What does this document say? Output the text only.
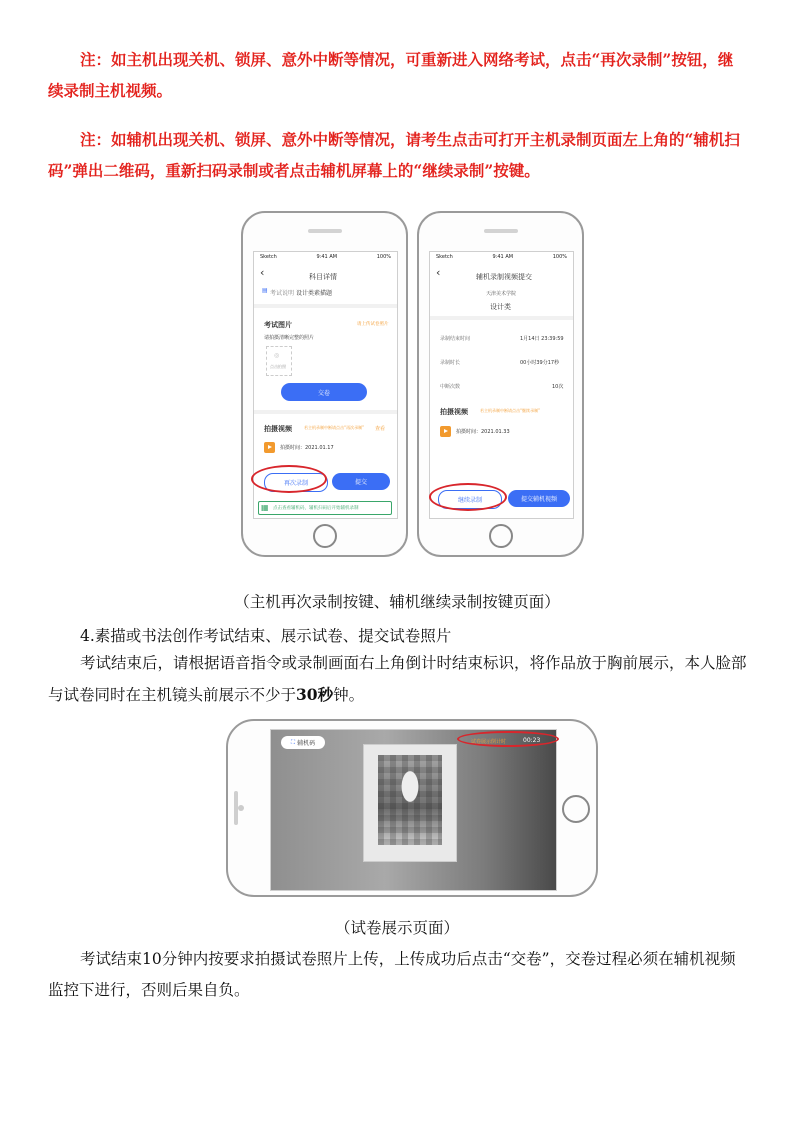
注：如主机出现关机、锁屏、意外中断等情况，可重新进入网络考试，点击“再次录制”按钮，继续录制主机视频。

注：如辅机出现关机、锁屏、意外中断等情况，请考生点击可打开主机录制页面左上角的“辅机扫码”弹出二维码，重新扫码录制或者点击辅机屏幕上的“继续录制”按键。

Sketch	9:41 AM	100%
‹	科目详情
▤ 考试说明 设计类素描题
考试图片	请上传试卷照片
请拍摄清晰完整的照片
◎
点击拍照
交卷
拍摄视频	若主机录制中断请点击“再次录制” 查看
拍摄时间：2021.01.17
再次录制	提交
▦ 点击查看辅机码，辅机扫码后开始辅机录制
Sketch	9:41 AM	100%
‹	辅机录制视频提交
天津美术学院
设计类
录制结束时间	1月14日 23:39:59
录制时长	00小时39分17秒
中断次数	10次
拍摄视频	若主机录制中断请点击“继续录制”
拍摄时间：2021.01.33
继续录制	提交辅机视频
（主机再次录制按键、辅机继续录制按键页面）
4.素描或书法创作考试结束、展示试卷、提交试卷照片

考试结束后，请根据语音指令或录制画面右上角倒计时结束标识，将作品放于胸前展示，本人脸部与试卷同时在主机镜头前展示不少于30秒钟。

⛶ 辅机码	试卷展示倒计时	00:23
（试卷展示页面）

考试结束10分钟内按要求拍摄试卷照片上传，上传成功后点击“交卷”，交卷过程必须在辅机视频监控下进行，否则后果自负。
